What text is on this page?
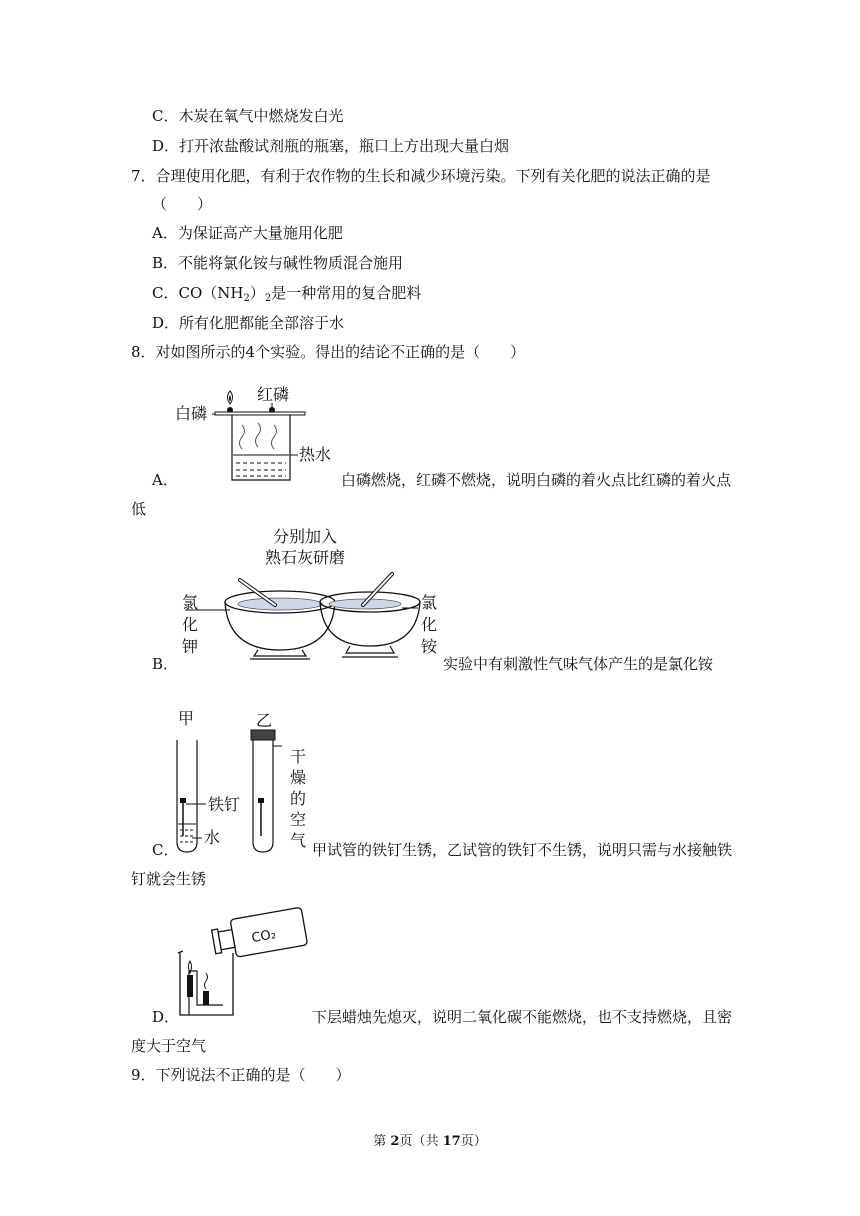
C．木炭在氧气中燃烧发白光
D．打开浓盐酸试剂瓶的瓶塞，瓶口上方出现大量白烟
7．合理使用化肥，有利于农作物的生长和减少环境污染。下列有关化肥的说法正确的是
（　　）
A．为保证高产大量施用化肥
B．不能将氯化铵与碱性物质混合施用
C．$CO(NH_2)_2$是一种常用的复合肥料
D．所有化肥都能全部溶于水
8．对如图所示的4个实验。得出的结论不正确的是（　　）
红磷
白磷
热水
A．	白磷燃烧，红磷不燃烧，说明白磷的着火点比红磷的着火点
低
分别加入
熟石灰研磨
氯
化
钾
氯
化
铵
B．	实验中有刺激性气味气体产生的是氯化铵
甲	乙
铁钉
水
干
燥
的
空
气
C．	甲试管的铁钉生锈，乙试管的铁钉不生锈，说明只需与水接触铁
钉就会生锈
CO₂
D．	下层蜡烛先熄灭，说明二氧化碳不能燃烧，也不支持燃烧，且密
度大于空气
9．下列说法不正确的是（　　）
第 2页（共 17页）
